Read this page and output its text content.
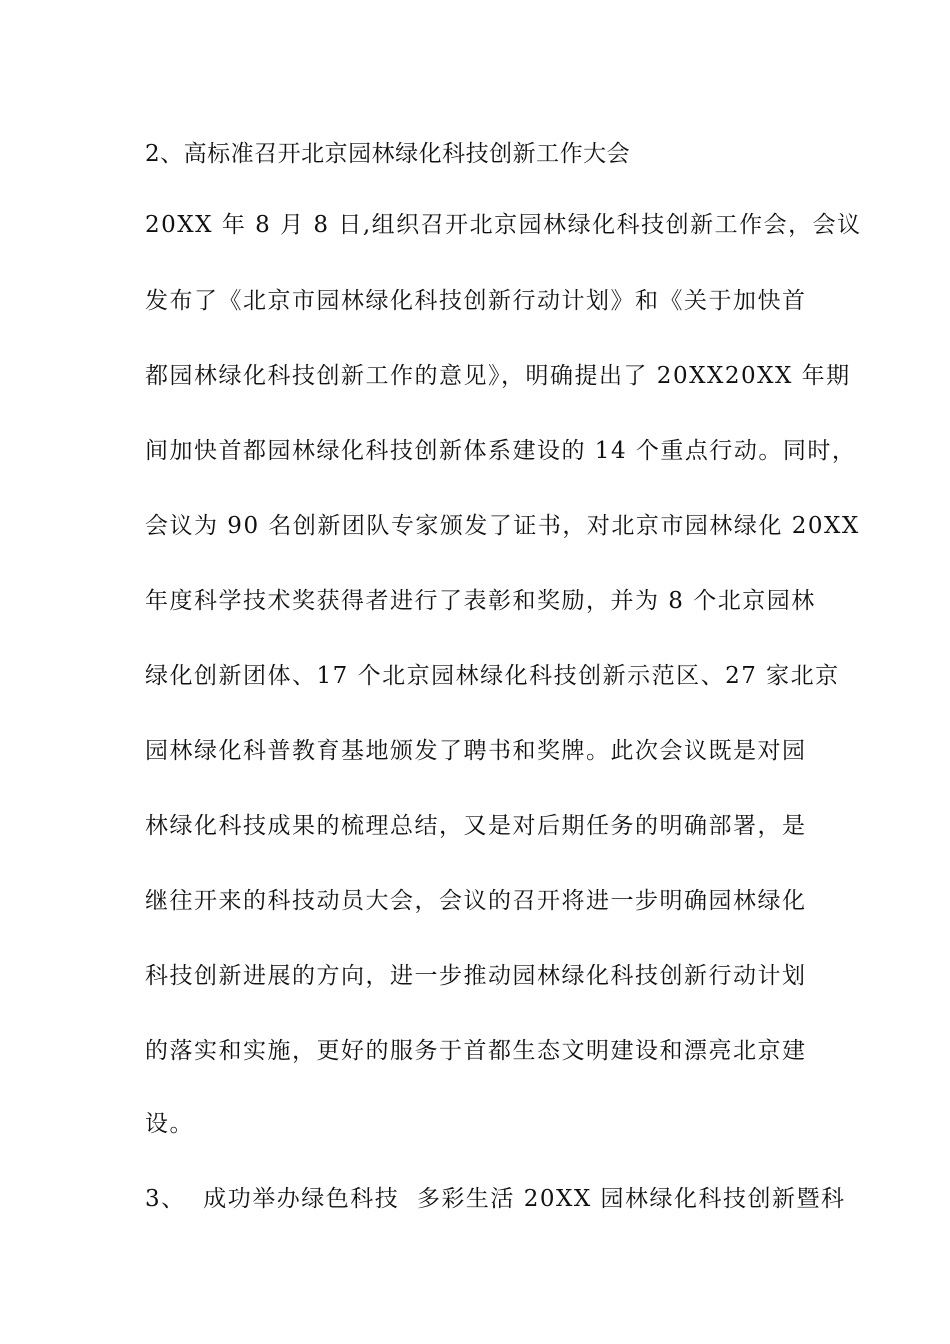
2、高标准召开北京园林绿化科技创新工作大会
20XX 年 8 月 8 日,组织召开北京园林绿化科技创新工作会，会议
发布了《北京市园林绿化科技创新行动计划》和《关于加快首
都园林绿化科技创新工作的意见》，明确提出了 20XX20XX 年期
间加快首都园林绿化科技创新体系建设的 14 个重点行动。同时，
会议为 90 名创新团队专家颁发了证书，对北京市园林绿化 20XX
年度科学技术奖获得者进行了表彰和奖励，并为 8 个北京园林
绿化创新团体、17 个北京园林绿化科技创新示范区、27 家北京
园林绿化科普教育基地颁发了聘书和奖牌。此次会议既是对园
林绿化科技成果的梳理总结，又是对后期任务的明确部署，是
继往开来的科技动员大会，会议的召开将进一步明确园林绿化
科技创新进展的方向，进一步推动园林绿化科技创新行动计划
的落实和实施，更好的服务于首都生态文明建设和漂亮北京建
设。
3、  成功举办绿色科技  多彩生活 20XX 园林绿化科技创新暨科
